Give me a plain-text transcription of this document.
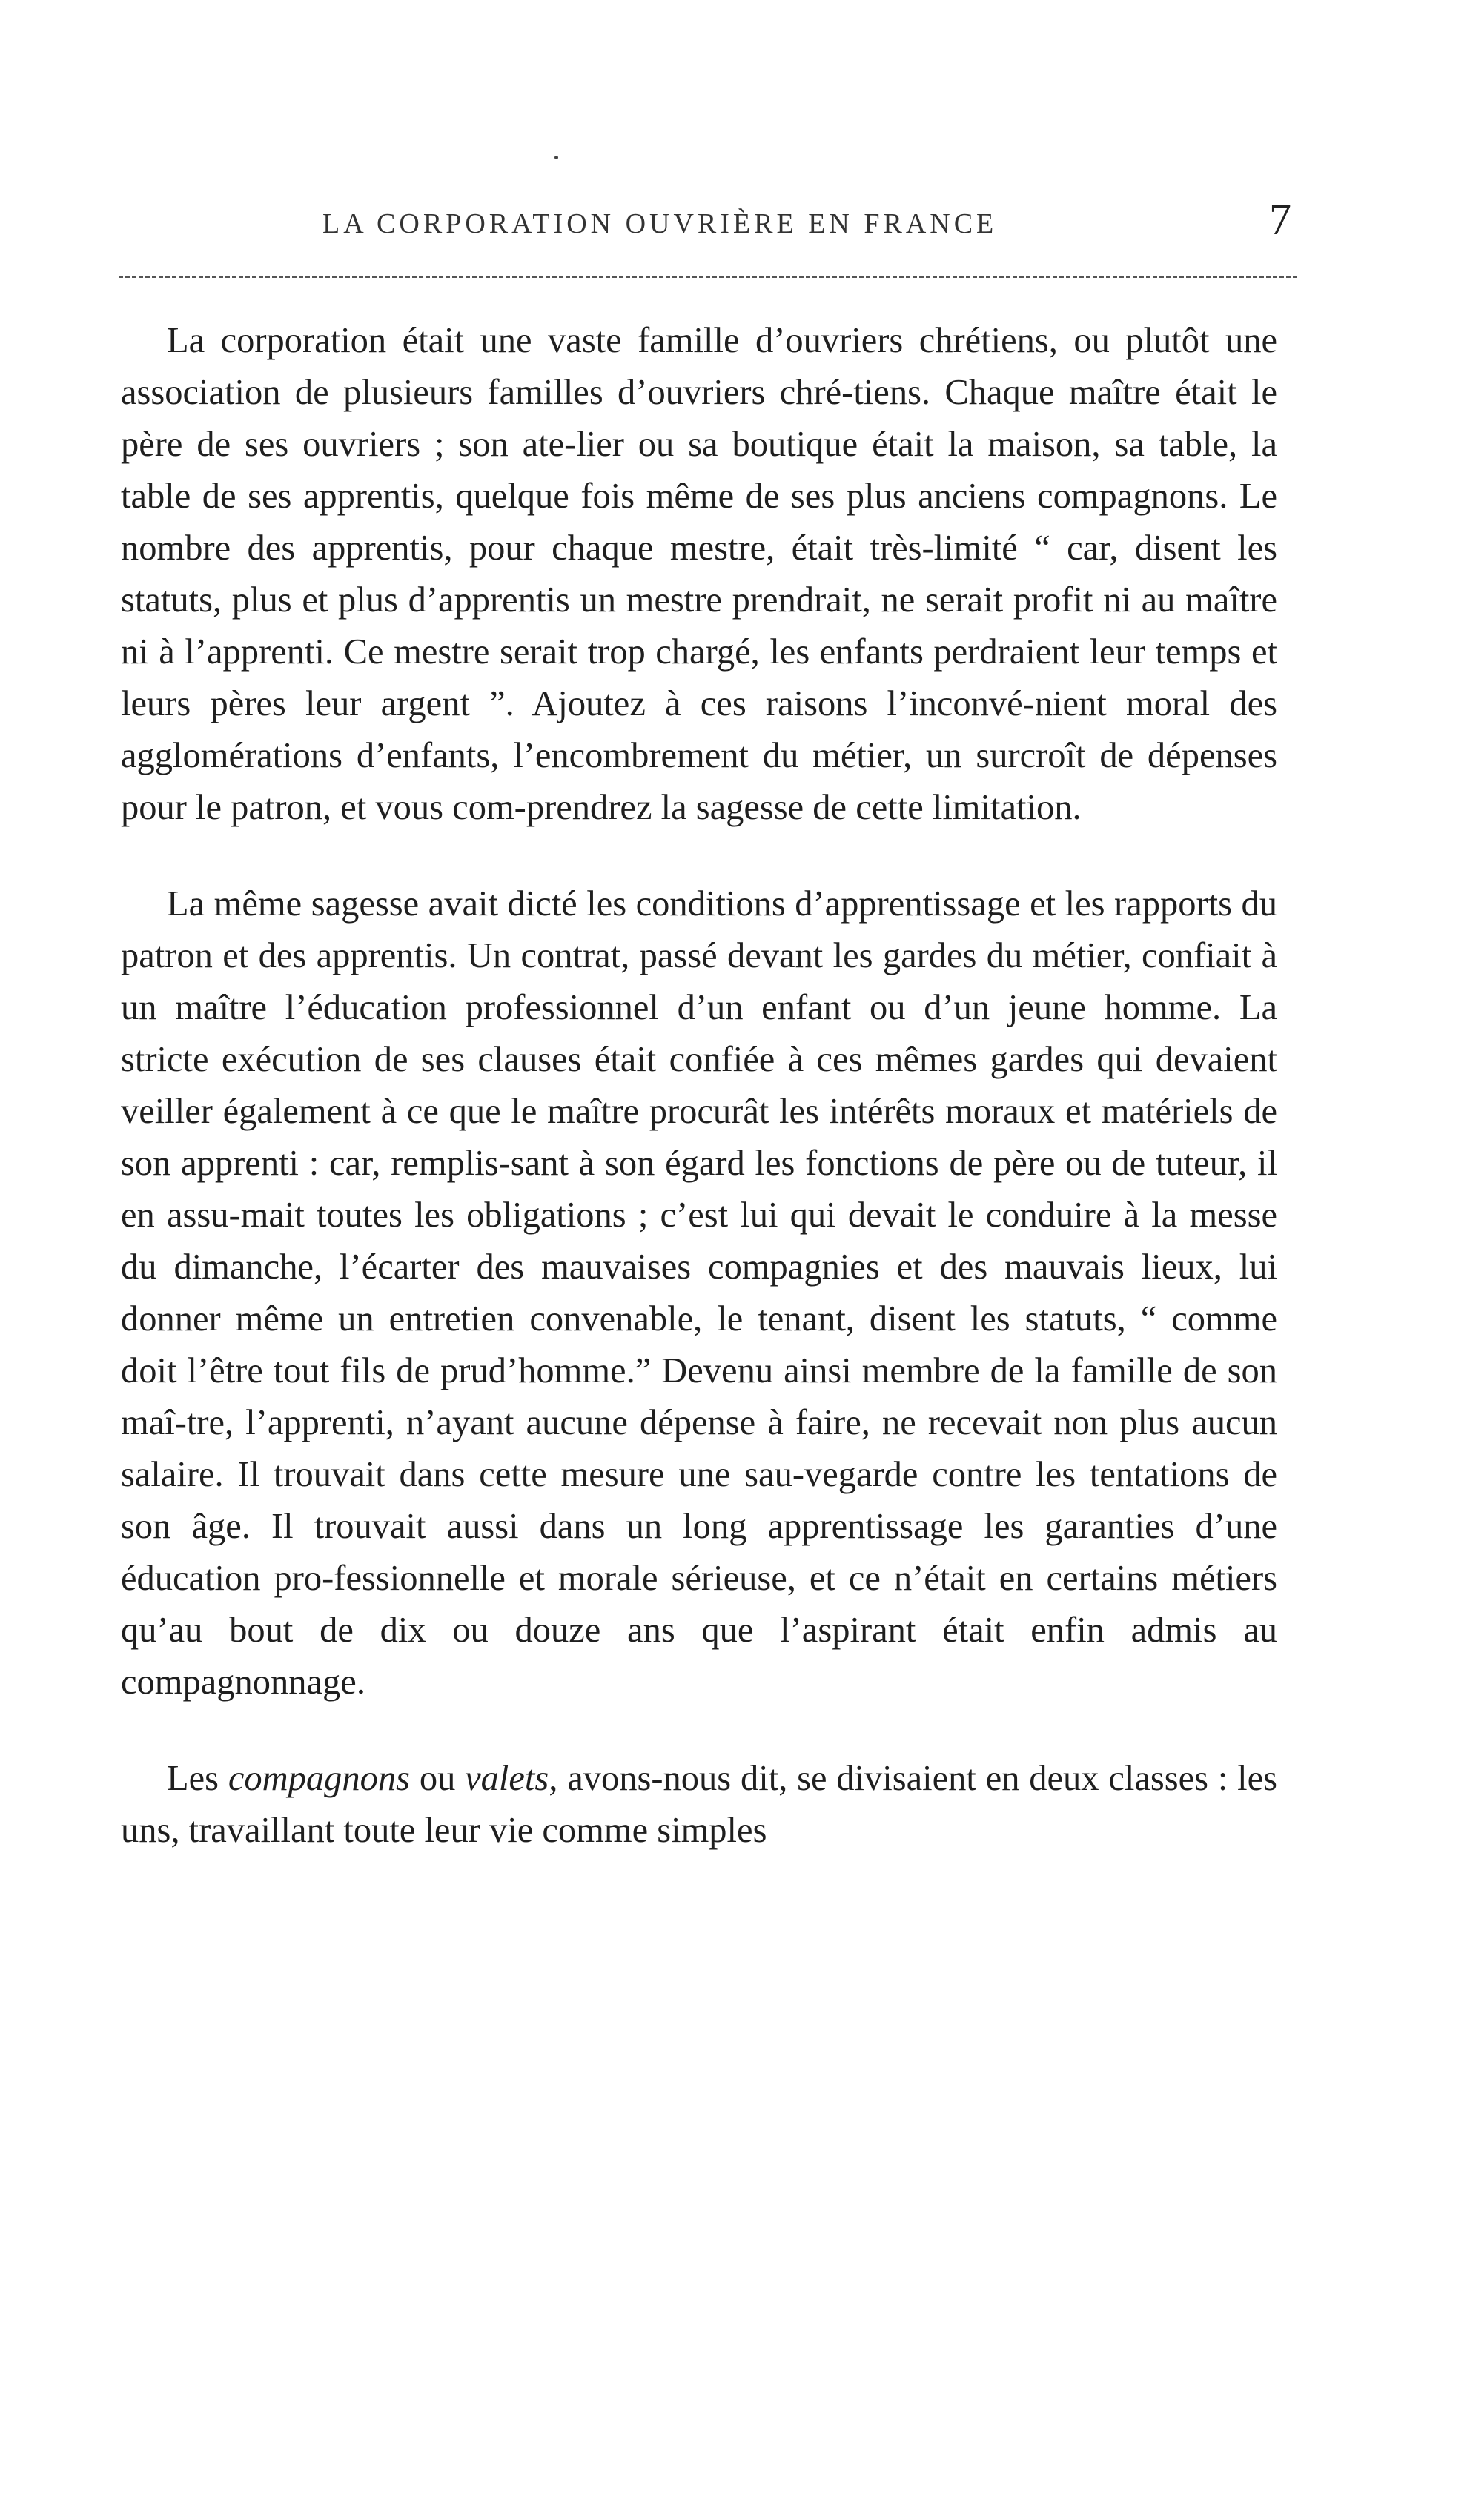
LA CORPORATION OUVRIÈRE EN FRANCE	7

La corporation était une vaste famille d’ouvriers chrétiens, ou plutôt une association de plusieurs familles d’ouvriers chré-tiens. Chaque maître était le père de ses ouvriers ; son ate-lier ou sa boutique était la maison, sa table, la table de ses apprentis, quelque fois même de ses plus anciens compagnons. Le nombre des apprentis, pour chaque mestre, était très-limité “ car, disent les statuts, plus et plus d’apprentis un mestre prendrait, ne serait profit ni au maître ni à l’apprenti. Ce mestre serait trop chargé, les enfants perdraient leur temps et leurs pères leur argent ”. Ajoutez à ces raisons l’inconvé-nient moral des agglomérations d’enfants, l’encombrement du métier, un surcroît de dépenses pour le patron, et vous com-prendrez la sagesse de cette limitation.

La même sagesse avait dicté les conditions d’apprentissage et les rapports du patron et des apprentis. Un contrat, passé devant les gardes du métier, confiait à un maître l’éducation professionnel d’un enfant ou d’un jeune homme. La stricte exécution de ses clauses était confiée à ces mêmes gardes qui devaient veiller également à ce que le maître procurât les intérêts moraux et matériels de son apprenti : car, remplis-sant à son égard les fonctions de père ou de tuteur, il en assu-mait toutes les obligations ; c’est lui qui devait le conduire à la messe du dimanche, l’écarter des mauvaises compagnies et des mauvais lieux, lui donner même un entretien convenable, le tenant, disent les statuts, “ comme doit l’être tout fils de prud’homme.” Devenu ainsi membre de la famille de son maî-tre, l’apprenti, n’ayant aucune dépense à faire, ne recevait non plus aucun salaire. Il trouvait dans cette mesure une sau-vegarde contre les tentations de son âge. Il trouvait aussi dans un long apprentissage les garanties d’une éducation pro-fessionnelle et morale sérieuse, et ce n’était en certains métiers qu’au bout de dix ou douze ans que l’aspirant était enfin admis au compagnonnage.

Les compagnons ou valets, avons-nous dit, se divisaient en deux classes : les uns, travaillant toute leur vie comme simples
